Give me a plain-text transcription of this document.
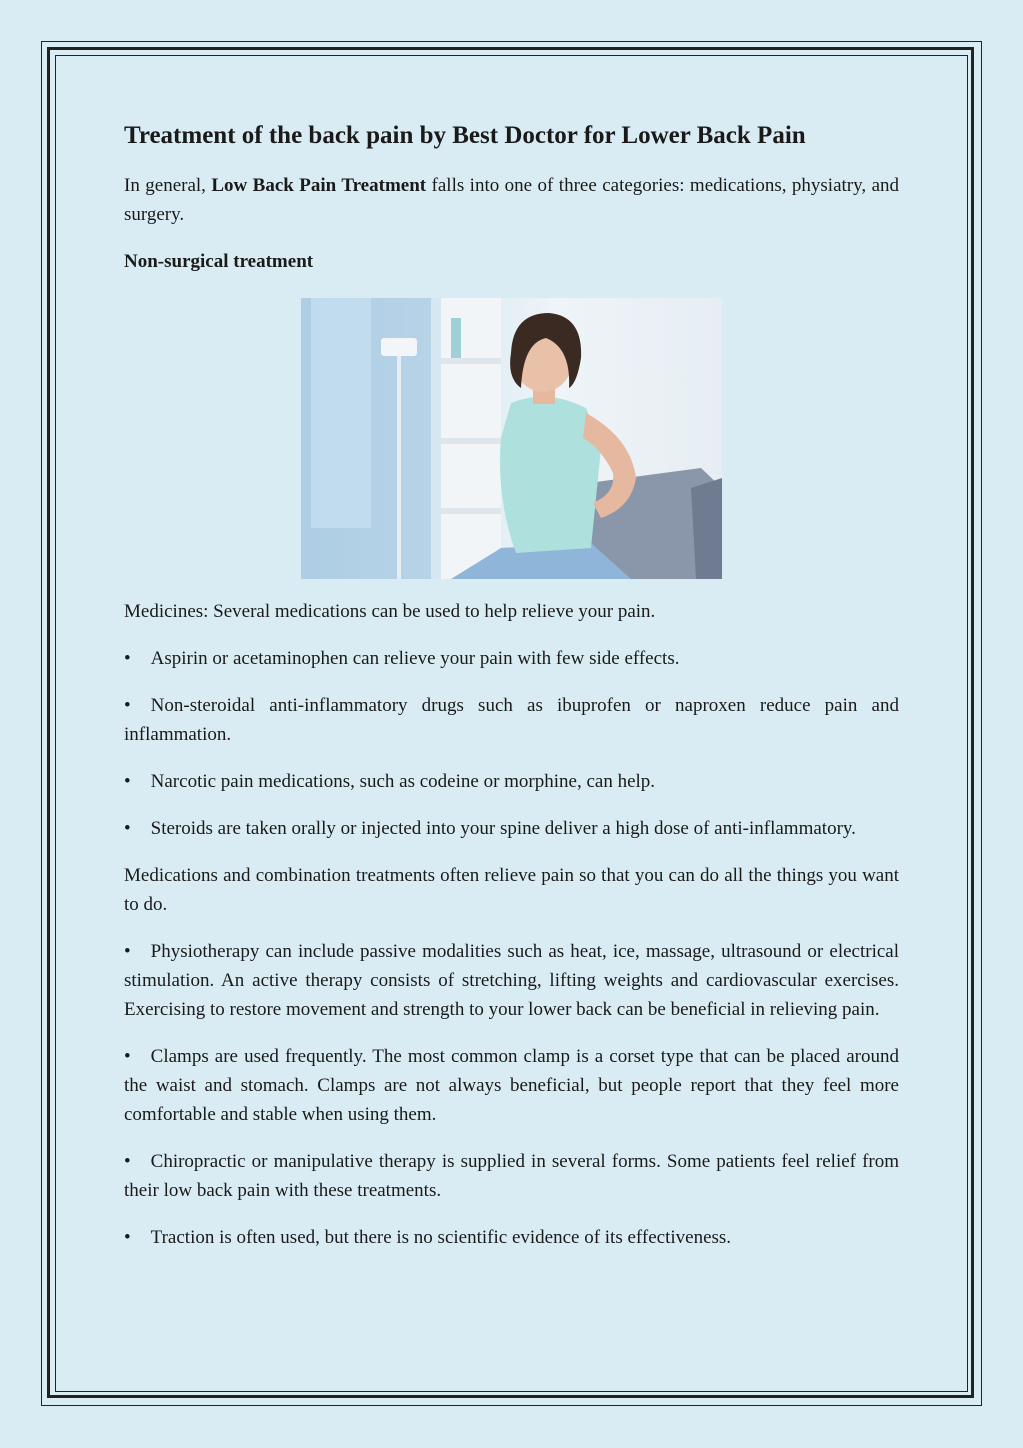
Treatment of the back pain by Best Doctor for Lower Back Pain

In general, Low Back Pain Treatment falls into one of three categories: medications, physiatry, and surgery.

Non-surgical treatment

Medicines: Several medications can be used to help relieve your pain.

• Aspirin or acetaminophen can relieve your pain with few side effects.

• Non-steroidal anti-inflammatory drugs such as ibuprofen or naproxen reduce pain and inflammation.

• Narcotic pain medications, such as codeine or morphine, can help.

• Steroids are taken orally or injected into your spine deliver a high dose of anti-inflammatory.

Medications and combination treatments often relieve pain so that you can do all the things you want to do.

• Physiotherapy can include passive modalities such as heat, ice, massage, ultrasound or electrical stimulation. An active therapy consists of stretching, lifting weights and cardiovascular exercises. Exercising to restore movement and strength to your lower back can be beneficial in relieving pain.

• Clamps are used frequently. The most common clamp is a corset type that can be placed around the waist and stomach. Clamps are not always beneficial, but people report that they feel more comfortable and stable when using them.

• Chiropractic or manipulative therapy is supplied in several forms. Some patients feel relief from their low back pain with these treatments.

• Traction is often used, but there is no scientific evidence of its effectiveness.
